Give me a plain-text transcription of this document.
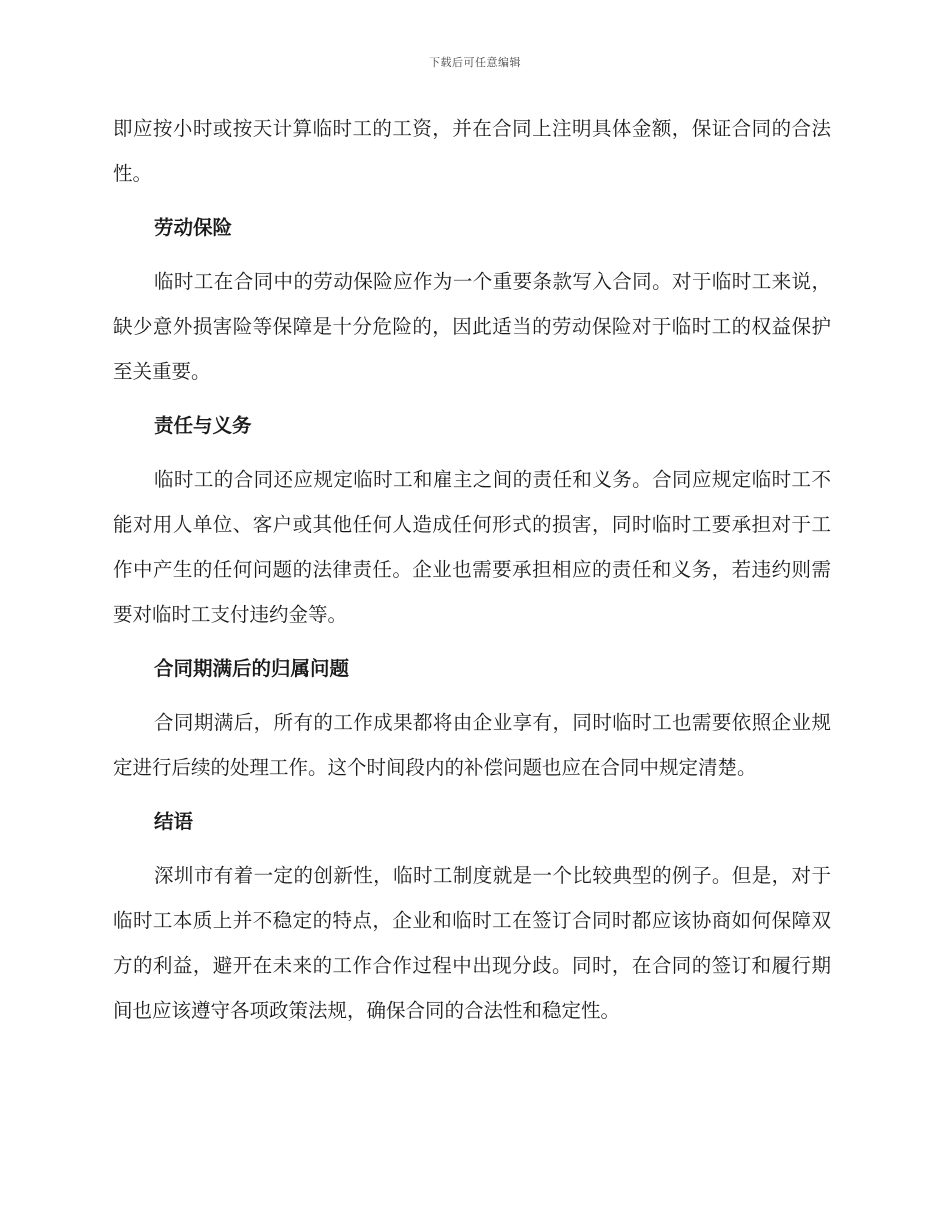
下载后可任意编辑

即应按小时或按天计算临时工的工资，并在合同上注明具体金额，保证合同的合法性。

劳动保险

临时工在合同中的劳动保险应作为一个重要条款写入合同。对于临时工来说，缺少意外损害险等保障是十分危险的，因此适当的劳动保险对于临时工的权益保护至关重要。

责任与义务

临时工的合同还应规定临时工和雇主之间的责任和义务。合同应规定临时工不能对用人单位、客户或其他任何人造成任何形式的损害，同时临时工要承担对于工作中产生的任何问题的法律责任。企业也需要承担相应的责任和义务，若违约则需要对临时工支付违约金等。

合同期满后的归属问题

合同期满后，所有的工作成果都将由企业享有，同时临时工也需要依照企业规定进行后续的处理工作。这个时间段内的补偿问题也应在合同中规定清楚。

结语

深圳市有着一定的创新性，临时工制度就是一个比较典型的例子。但是，对于临时工本质上并不稳定的特点，企业和临时工在签订合同时都应该协商如何保障双方的利益，避开在未来的工作合作过程中出现分歧。同时，在合同的签订和履行期间也应该遵守各项政策法规，确保合同的合法性和稳定性。
